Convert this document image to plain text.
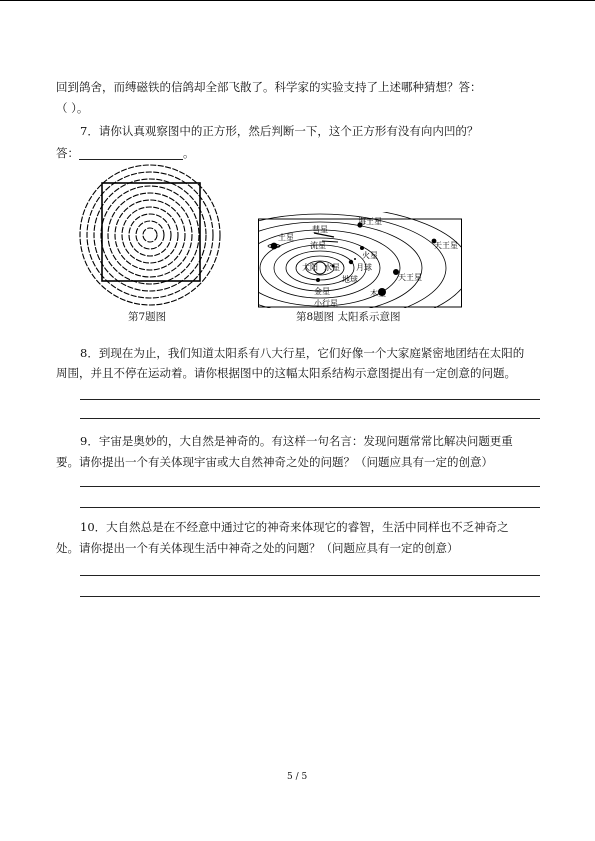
回到鸽舍，而缚磁铁的信鸽却全部飞散了。科学家的实验支持了上述哪种猜想？答：
（ ）。
7．请你认真观察图中的正方形，然后判断一下，这个正方形有没有向内凹的？
答：	。
第7题图
海王星
天王星
土星
木星
火星
地球
金星
水星
太阳	月球
小行星
彗星
流星
天王星
第8题图 太阳系示意图
8．到现在为止，我们知道太阳系有八大行星，它们好像一个大家庭紧密地团结在太阳的
周围，并且不停在运动着。请你根据图中的这幅太阳系结构示意图提出有一定创意的问题。
9．宇宙是奥妙的，大自然是神奇的。有这样一句名言：发现问题常常比解决问题更重
要。请你提出一个有关体现宇宙或大自然神奇之处的问题？（问题应具有一定的创意）
10．大自然总是在不经意中通过它的神奇来体现它的睿智，生活中同样也不乏神奇之
处。请你提出一个有关体现生活中神奇之处的问题？（问题应具有一定的创意）
5 / 5
